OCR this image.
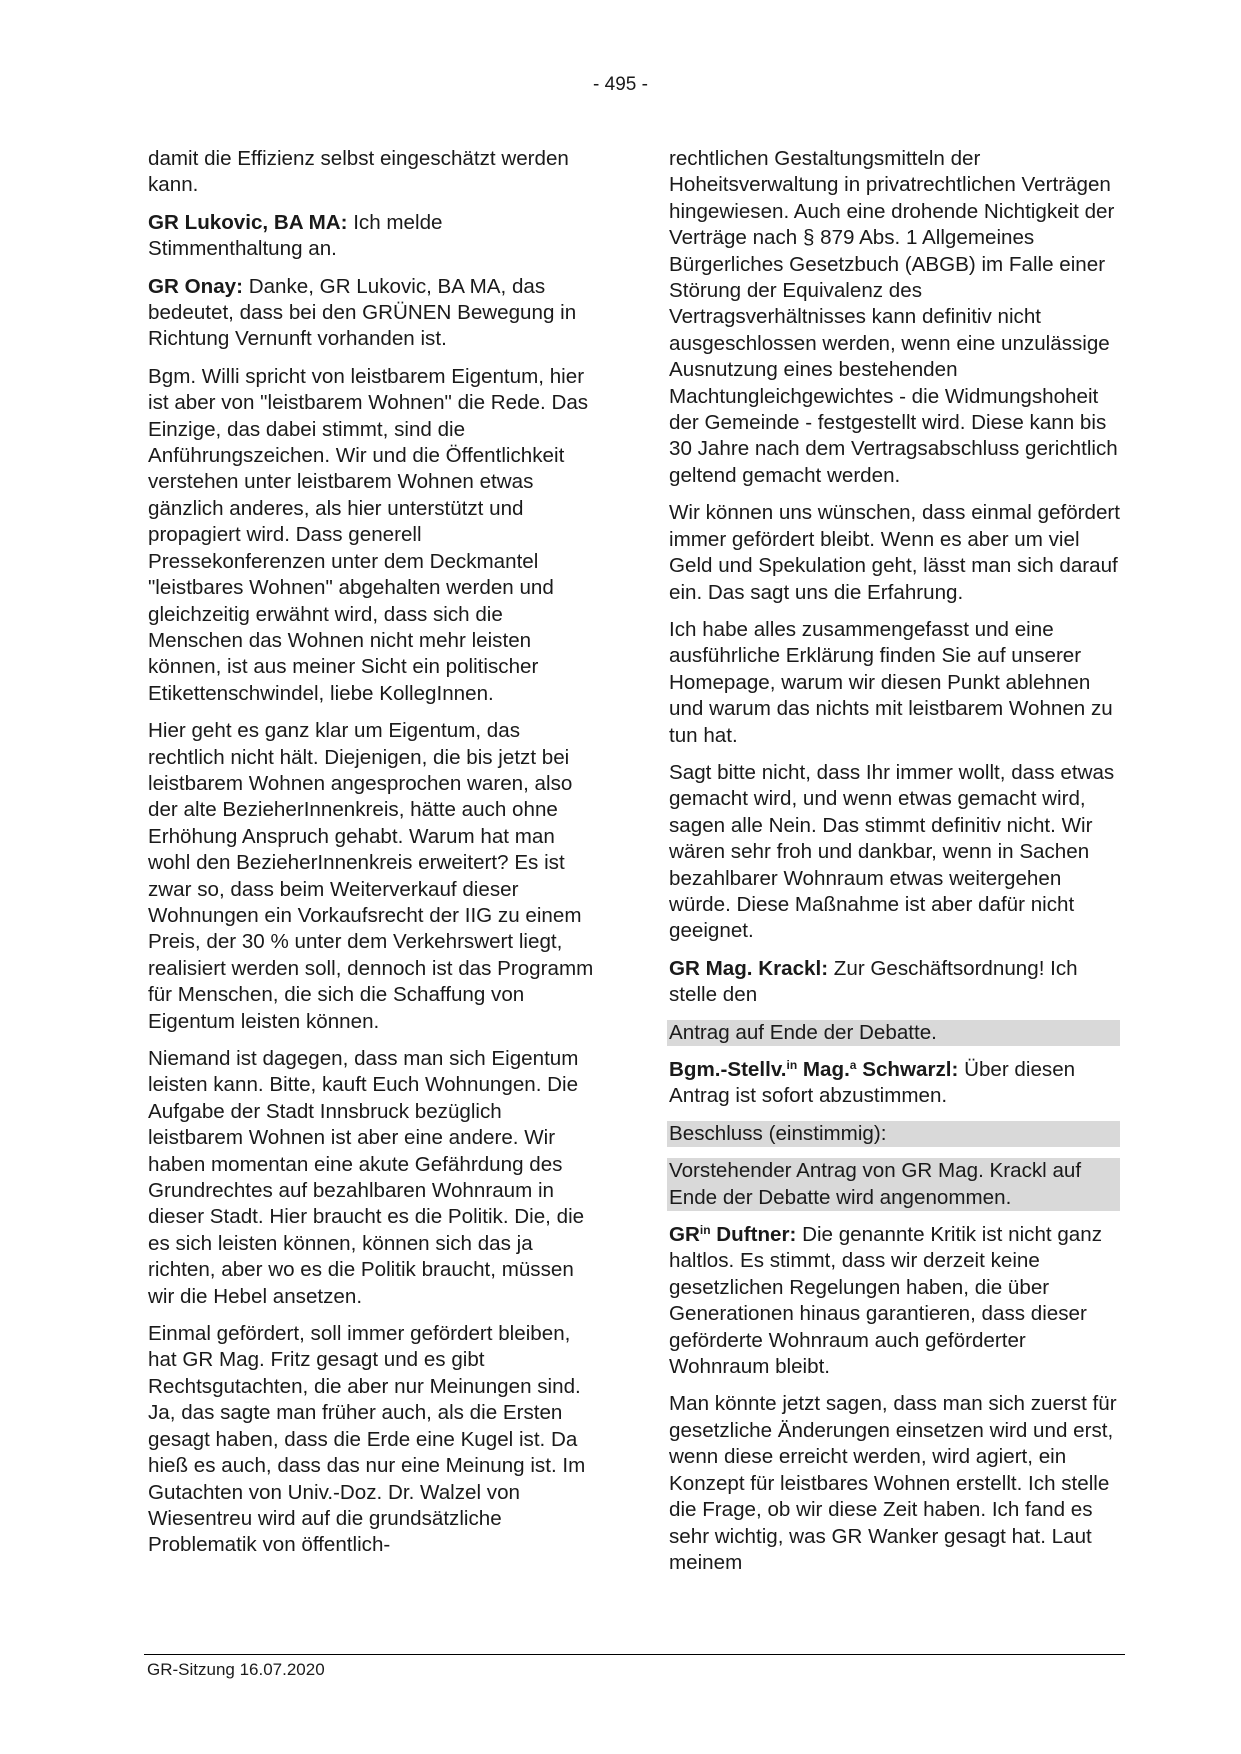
- 495 -

damit die Effizienz selbst eingeschätzt werden kann.

GR Lukovic, BA MA: Ich melde Stimmenthaltung an.

GR Onay: Danke, GR Lukovic, BA MA, das bedeutet, dass bei den GRÜNEN Bewegung in Richtung Vernunft vorhanden ist.

Bgm. Willi spricht von leistbarem Eigentum, hier ist aber von "leistbarem Wohnen" die Rede. Das Einzige, das dabei stimmt, sind die Anführungszeichen. Wir und die Öffentlichkeit verstehen unter leistbarem Wohnen etwas gänzlich anderes, als hier unterstützt und propagiert wird. Dass generell Pressekonferenzen unter dem Deckmantel "leistbares Wohnen" abgehalten werden und gleichzeitig erwähnt wird, dass sich die Menschen das Wohnen nicht mehr leisten können, ist aus meiner Sicht ein politischer Etikettenschwindel, liebe KollegInnen.

Hier geht es ganz klar um Eigentum, das rechtlich nicht hält. Diejenigen, die bis jetzt bei leistbarem Wohnen angesprochen waren, also der alte BezieherInnenkreis, hätte auch ohne Erhöhung Anspruch gehabt. Warum hat man wohl den BezieherInnenkreis erweitert? Es ist zwar so, dass beim Weiterverkauf dieser Wohnungen ein Vorkaufsrecht der IIG zu einem Preis, der 30 % unter dem Verkehrswert liegt, realisiert werden soll, dennoch ist das Programm für Menschen, die sich die Schaffung von Eigentum leisten können.

Niemand ist dagegen, dass man sich Eigentum leisten kann. Bitte, kauft Euch Wohnungen. Die Aufgabe der Stadt Innsbruck bezüglich leistbarem Wohnen ist aber eine andere. Wir haben momentan eine akute Gefährdung des Grundrechtes auf bezahlbaren Wohnraum in dieser Stadt. Hier braucht es die Politik. Die, die es sich leisten können, können sich das ja richten, aber wo es die Politik braucht, müssen wir die Hebel ansetzen.

Einmal gefördert, soll immer gefördert bleiben, hat GR Mag. Fritz gesagt und es gibt Rechtsgutachten, die aber nur Meinungen sind. Ja, das sagte man früher auch, als die Ersten gesagt haben, dass die Erde eine Kugel ist. Da hieß es auch, dass das nur eine Meinung ist. Im Gutachten von Univ.-Doz. Dr. Walzel von Wiesentreu wird auf die grundsätzliche Problematik von öffentlich-

rechtlichen Gestaltungsmitteln der Hoheitsverwaltung in privatrechtlichen Verträgen hingewiesen. Auch eine drohende Nichtigkeit der Verträge nach § 879 Abs. 1 Allgemeines Bürgerliches Gesetzbuch (ABGB) im Falle einer Störung der Equivalenz des Vertragsverhältnisses kann definitiv nicht ausgeschlossen werden, wenn eine unzulässige Ausnutzung eines bestehenden Machtungleichgewichtes - die Widmungshoheit der Gemeinde - festgestellt wird. Diese kann bis 30 Jahre nach dem Vertragsabschluss gerichtlich geltend gemacht werden.

Wir können uns wünschen, dass einmal gefördert immer gefördert bleibt. Wenn es aber um viel Geld und Spekulation geht, lässt man sich darauf ein. Das sagt uns die Erfahrung.

Ich habe alles zusammengefasst und eine ausführliche Erklärung finden Sie auf unserer Homepage, warum wir diesen Punkt ablehnen und warum das nichts mit leistbarem Wohnen zu tun hat.

Sagt bitte nicht, dass Ihr immer wollt, dass etwas gemacht wird, und wenn etwas gemacht wird, sagen alle Nein. Das stimmt definitiv nicht. Wir wären sehr froh und dankbar, wenn in Sachen bezahlbarer Wohnraum etwas weitergehen würde. Diese Maßnahme ist aber dafür nicht geeignet.

GR Mag. Krackl: Zur Geschäftsordnung! Ich stelle den

Antrag auf Ende der Debatte.

Bgm.-Stellv.$^{in}$ Mag.$^a$ Schwarzl: Über diesen Antrag ist sofort abzustimmen.

Beschluss (einstimmig):

Vorstehender Antrag von GR Mag. Krackl auf Ende der Debatte wird angenommen.

$GR^{in}$ Duftner: Die genannte Kritik ist nicht ganz haltlos. Es stimmt, dass wir derzeit keine gesetzlichen Regelungen haben, die über Generationen hinaus garantieren, dass dieser geförderte Wohnraum auch geförderter Wohnraum bleibt.

Man könnte jetzt sagen, dass man sich zuerst für gesetzliche Änderungen einsetzen wird und erst, wenn diese erreicht werden, wird agiert, ein Konzept für leistbares Wohnen erstellt. Ich stelle die Frage, ob wir diese Zeit haben. Ich fand es sehr wichtig, was GR Wanker gesagt hat. Laut meinem

GR-Sitzung 16.07.2020
